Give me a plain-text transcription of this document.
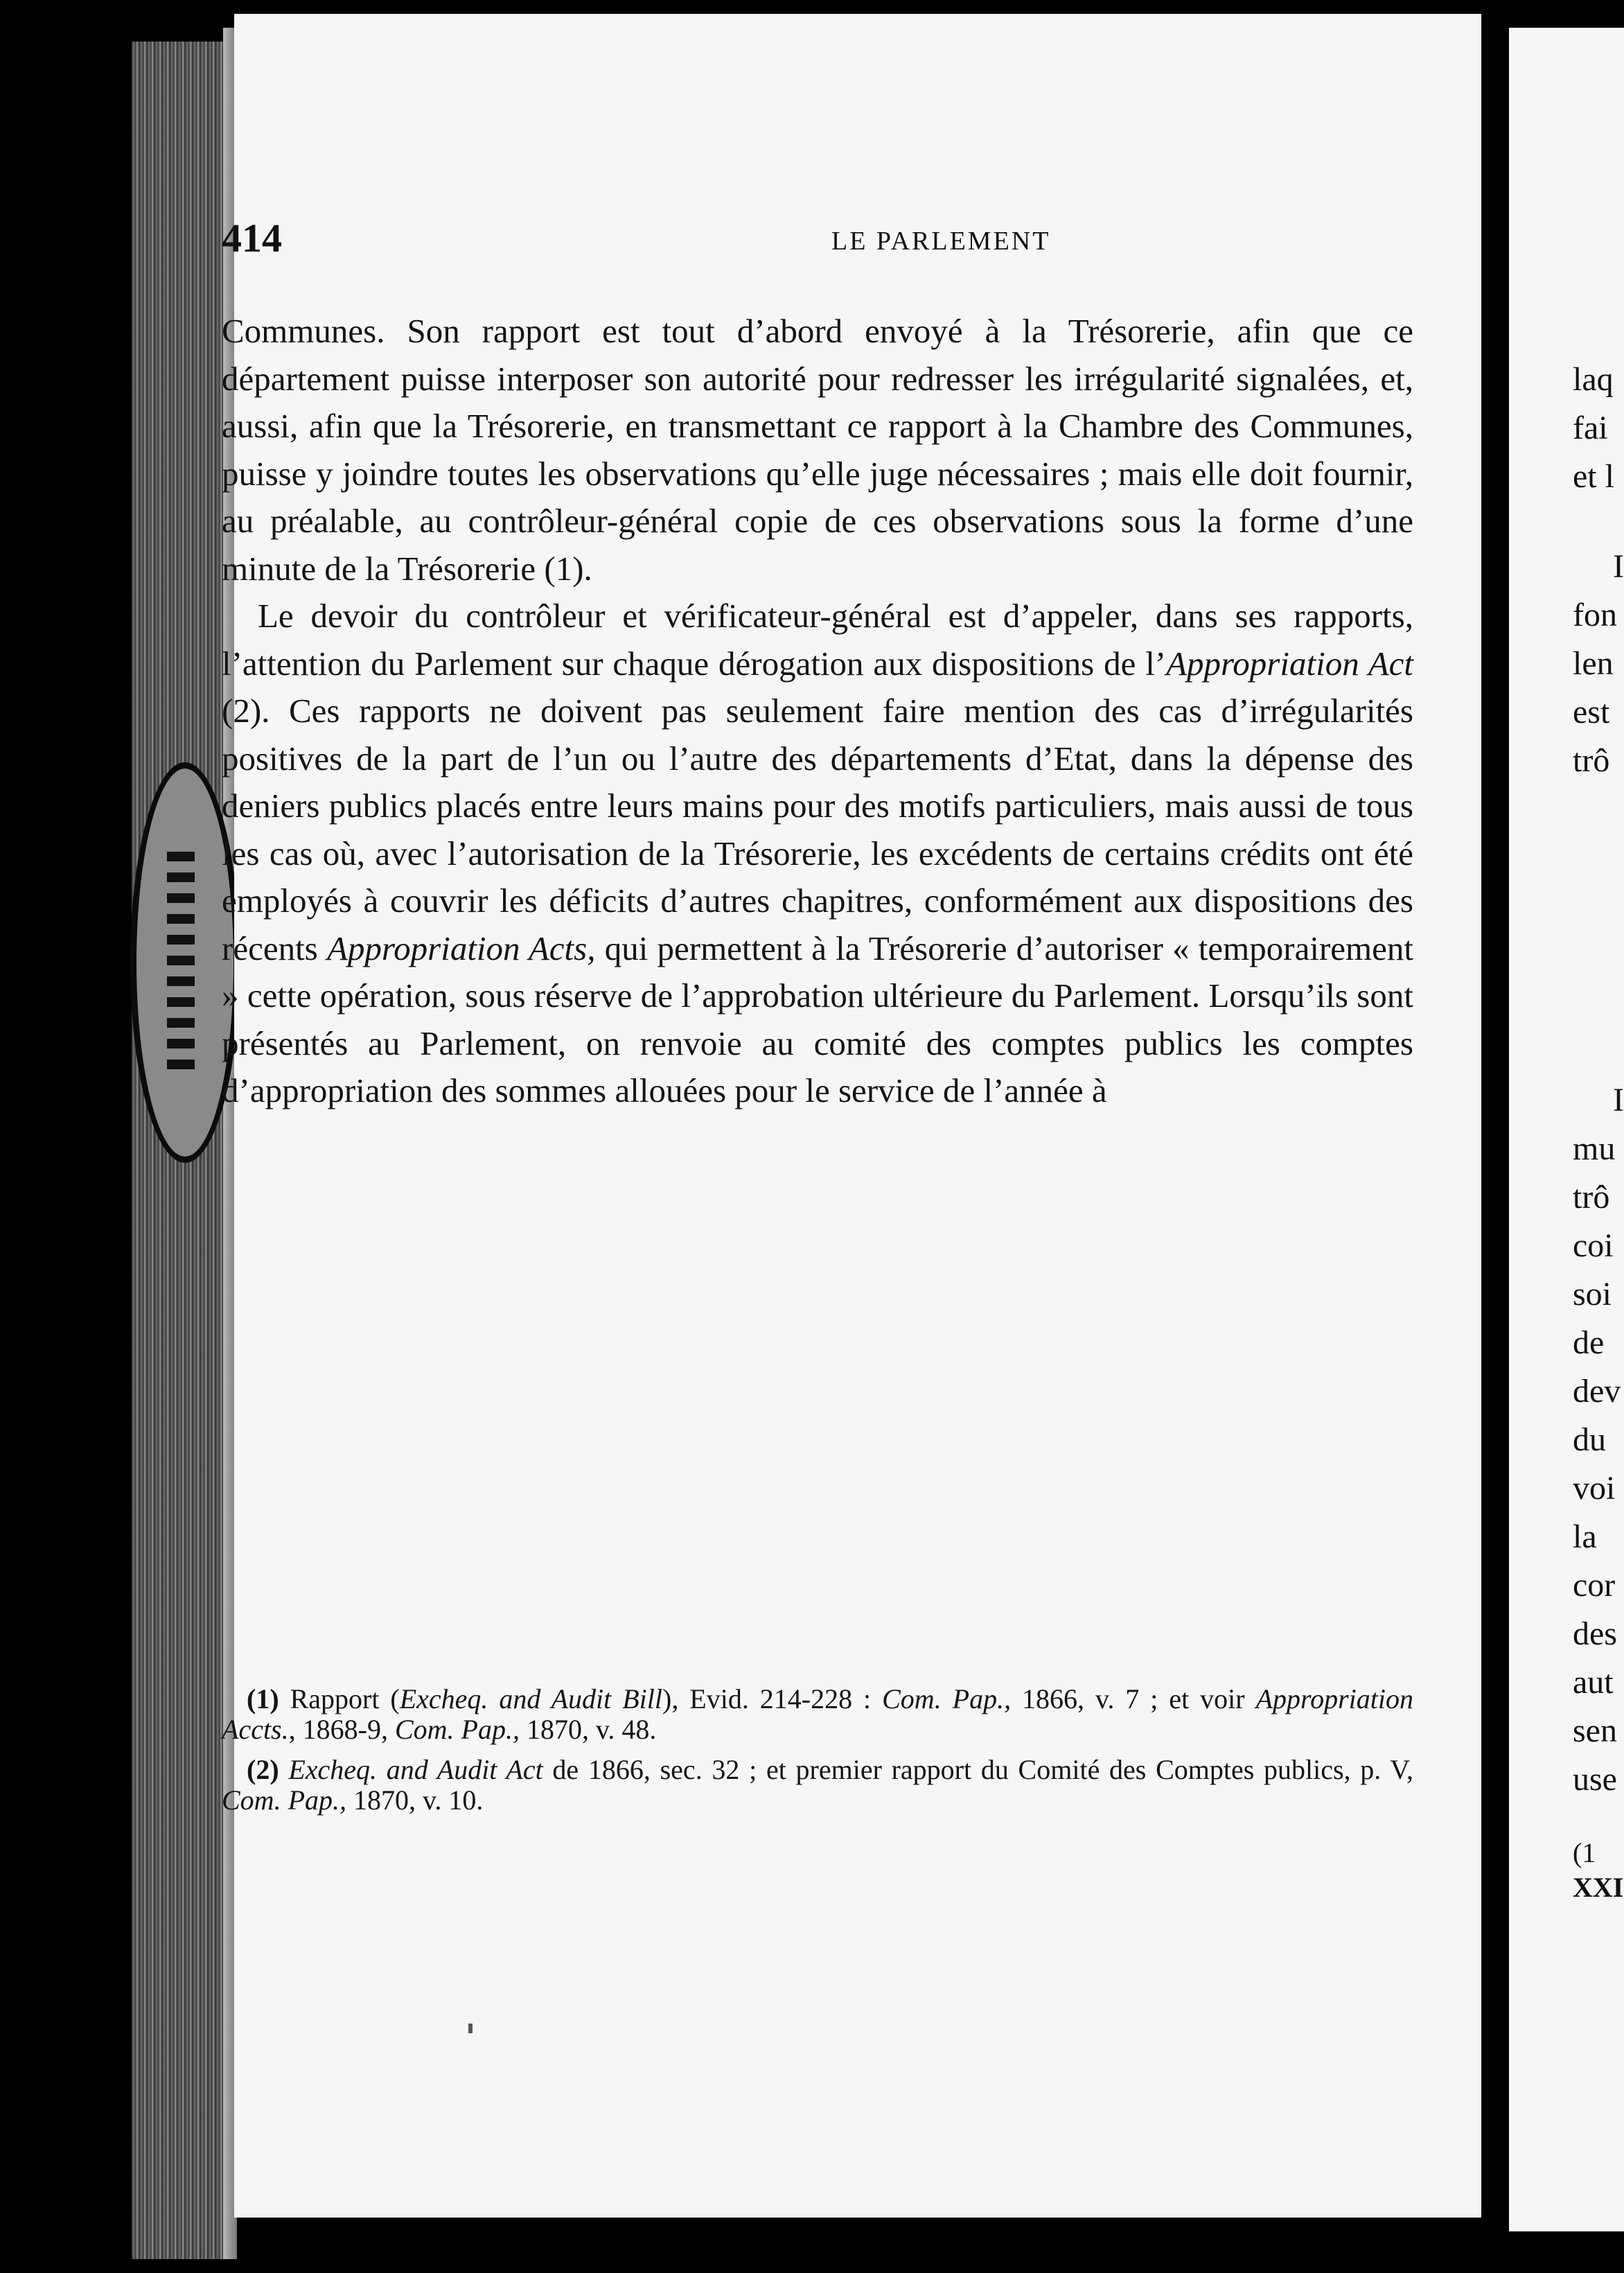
laq
fai
et l
I
fon
len
est
trô
I
mu
trô
coi
soi
de
dev
du
voi
la
cor
des
aut
sen
use
(1
XXI
414	LE PARLEMENT

Communes. Son rapport est tout d’abord envoyé à la Trésorerie, afin que ce département puisse interposer son autorité pour redresser les irrégularité signalées, et, aussi, afin que la Trésorerie, en transmettant ce rapport à la Chambre des Communes, puisse y joindre toutes les observations qu’elle juge nécessaires ; mais elle doit fournir, au préalable, au contrôleur-général copie de ces observations sous la forme d’une minute de la Trésorerie (1).

Le devoir du contrôleur et vérificateur-général est d’appeler, dans ses rapports, l’attention du Parlement sur chaque dérogation aux dispositions de l’Appropriation Act (2). Ces rapports ne doivent pas seulement faire mention des cas d’irrégularités positives de la part de l’un ou l’autre des départements d’Etat, dans la dépense des deniers publics placés entre leurs mains pour des motifs particuliers, mais aussi de tous les cas où, avec l’autorisation de la Trésorerie, les excédents de certains crédits ont été employés à couvrir les déficits d’autres chapitres, conformément aux dispositions des récents Appropriation Acts, qui permettent à la Trésorerie d’autoriser « temporairement » cette opération, sous réserve de l’approbation ultérieure du Parlement. Lorsqu’ils sont présentés au Parlement, on renvoie au comité des comptes publics les comptes d’appropriation des sommes allouées pour le service de l’année à

(1) Rapport (Excheq. and Audit Bill), Evid. 214-228 : Com. Pap., 1866, v. 7 ; et voir Appropriation Accts., 1868-9, Com. Pap., 1870, v. 48.

(2) Excheq. and Audit Act de 1866, sec. 32 ; et premier rapport du Comité des Comptes publics, p. V, Com. Pap., 1870, v. 10.
